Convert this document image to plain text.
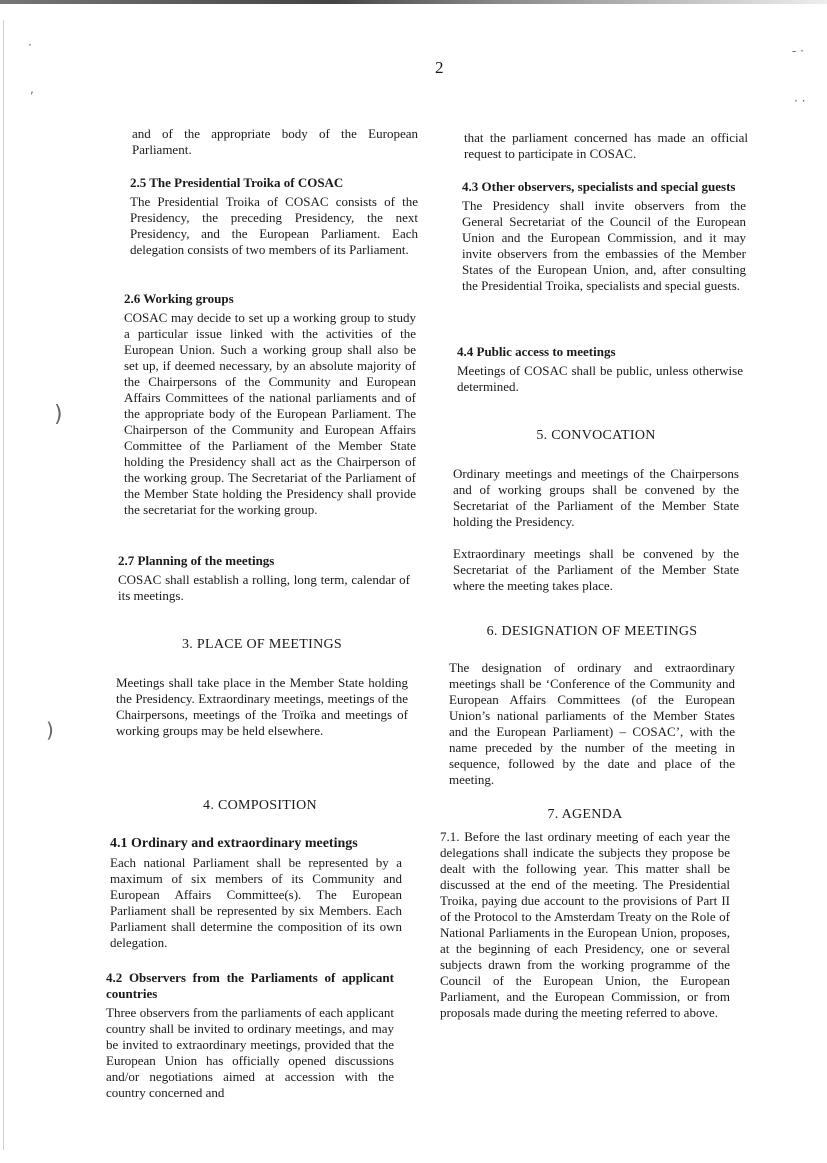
·
,
)
)
- ·
· ·
2

and of the appropriate body of the European Parliament.

2.5 The Presidential Troika of COSAC

The Presidential Troika of COSAC consists of the Presidency, the preceding Presidency, the next Presidency, and the European Parliament. Each delegation consists of two members of its Parliament.

2.6 Working groups

COSAC may decide to set up a working group to study a particular issue linked with the activities of the European Union. Such a working group shall also be set up, if deemed necessary, by an absolute majority of the Chairpersons of the Community and European Affairs Committees of the national parliaments and of the appropriate body of the European Parliament. The Chairperson of the Community and European Affairs Committee of the Parliament of the Member State holding the Presidency shall act as the Chairperson of the working group. The Secretariat of the Parliament of the Member State holding the Presidency shall provide the secretariat for the working group.

2.7 Planning of the meetings

COSAC shall establish a rolling, long term, calendar of its meetings.

3. PLACE OF MEETINGS

Meetings shall take place in the Member State holding the Presidency. Extraordinary meetings, meetings of the Chairpersons, meetings of the Troïka and meetings of working groups may be held elsewhere.

4. COMPOSITION
4.1 Ordinary and extraordinary meetings

Each national Parliament shall be represented by a maximum of six members of its Community and European Affairs Committee(s). The European Parliament shall be represented by six Members. Each Parliament shall determine the composition of its own delegation.

4.2 Observers from the Parliaments of applicant countries

Three observers from the parliaments of each applicant country shall be invited to ordinary meetings, and may be invited to extraordinary meetings, provided that the European Union has officially opened discussions and/or negotiations aimed at accession with the country concerned and

that the parliament concerned has made an official request to participate in COSAC.

4.3 Other observers, specialists and special guests

The Presidency shall invite observers from the General Secretariat of the Council of the European Union and the European Commission, and it may invite observers from the embassies of the Member States of the European Union, and, after consulting the Presidential Troika, specialists and special guests.

4.4 Public access to meetings

Meetings of COSAC shall be public, unless otherwise determined.

5. CONVOCATION

Ordinary meetings and meetings of the Chairpersons and of working groups shall be convened by the Secretariat of the Parliament of the Member State holding the Presidency.

Extraordinary meetings shall be convened by the Secretariat of the Parliament of the Member State where the meeting takes place.

6. DESIGNATION OF MEETINGS

The designation of ordinary and extraordinary meetings shall be ‘Conference of the Community and European Affairs Committees (of the European Union’s national parliaments of the Member States and the European Parliament) – COSAC’, with the name preceded by the number of the meeting in sequence, followed by the date and place of the meeting.

7. AGENDA

7.1. Before the last ordinary meeting of each year the delegations shall indicate the subjects they propose be dealt with the following year. This matter shall be discussed at the end of the meeting. The Presidential Troika, paying due account to the provisions of Part II of the Protocol to the Amsterdam Treaty on the Role of National Parliaments in the European Union, proposes, at the beginning of each Presidency, one or several subjects drawn from the working programme of the Council of the European Union, the European Parliament, and the European Commission, or from proposals made during the meeting referred to above.
